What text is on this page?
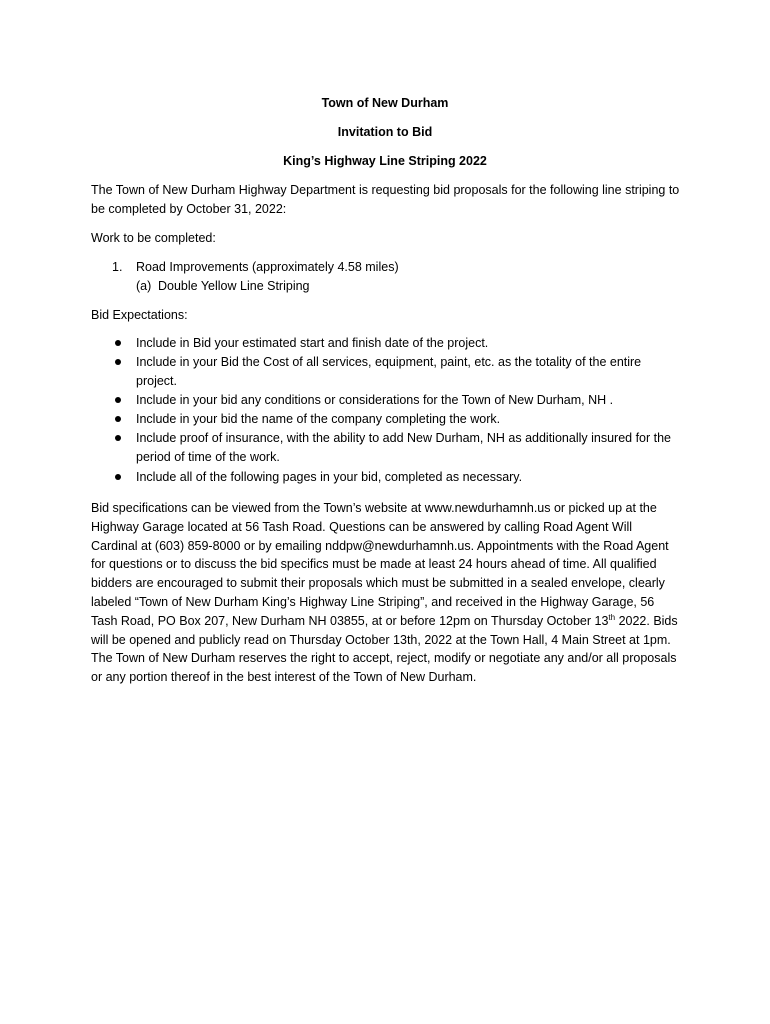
Town of New Durham
Invitation to Bid
King’s Highway Line Striping 2022

The Town of New Durham Highway Department is requesting bid proposals for the following line striping to be completed by October 31, 2022:

Work to be completed:

1. Road Improvements (approximately 4.58 miles)
(a) Double Yellow Line Striping

Bid Expectations:

Include in Bid your estimated start and finish date of the project.
Include in your Bid the Cost of all services, equipment, paint, etc. as the totality of the entire project.
Include in your bid any conditions or considerations for the Town of New Durham, NH .
Include in your bid the name of the company completing the work.
Include proof of insurance, with the ability to add New Durham, NH as additionally insured for the period of time of the work.
Include all of the following pages in your bid, completed as necessary.
Bid specifications can be viewed from the Town’s website at www.newdurhamnh.us or picked up at the Highway Garage located at 56 Tash Road. Questions can be answered by calling Road Agent Will Cardinal at (603) 859-8000 or by emailing nddpw@newdurhamnh.us. Appointments with the Road Agent for questions or to discuss the bid specifics must be made at least 24 hours ahead of time. All qualified bidders are encouraged to submit their proposals which must be submitted in a sealed envelope, clearly labeled “Town of New Durham King’s Highway Line Striping”, and received in the Highway Garage, 56 Tash Road, PO Box 207, New Durham NH 03855, at or before 12pm on Thursday October 13th 2022. Bids will be opened and publicly read on Thursday October 13th, 2022 at the Town Hall, 4 Main Street at 1pm. The Town of New Durham reserves the right to accept, reject, modify or negotiate any and/or all proposals or any portion thereof in the best interest of the Town of New Durham.
